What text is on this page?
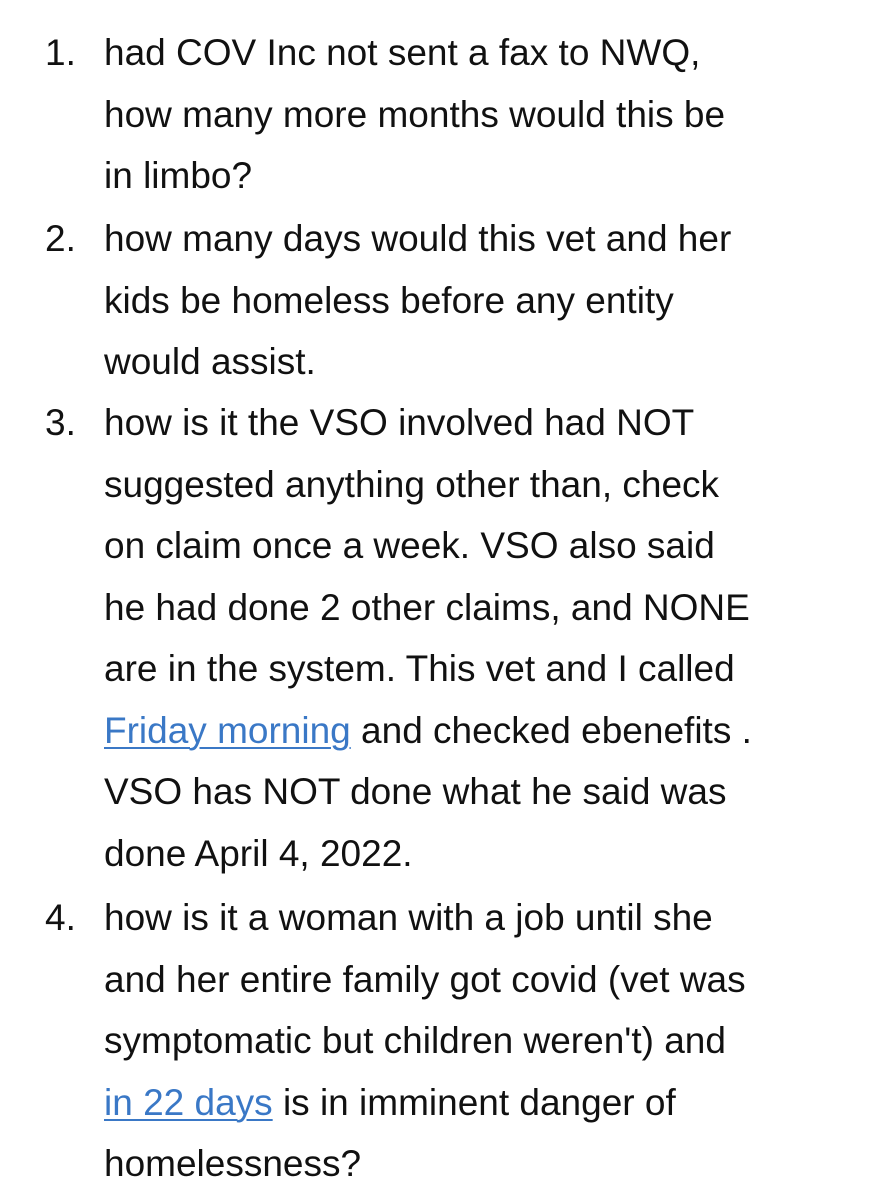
1. had COV Inc not sent a fax to NWQ,
how many more months would this be
in limbo?
2. how many days would this vet and her
kids be homeless before any entity
would assist.
3. how is it the VSO involved had NOT
suggested anything other than, check
on claim once a week. VSO also said
he had done 2 other claims, and NONE
are in the system. This vet and I called
Friday morning and checked ebenefits .
VSO has NOT done what he said was
done April 4, 2022.
4. how is it a woman with a job until she
and her entire family got covid (vet was
symptomatic but children weren't) and
in 22 days is in imminent danger of
homelessness?
